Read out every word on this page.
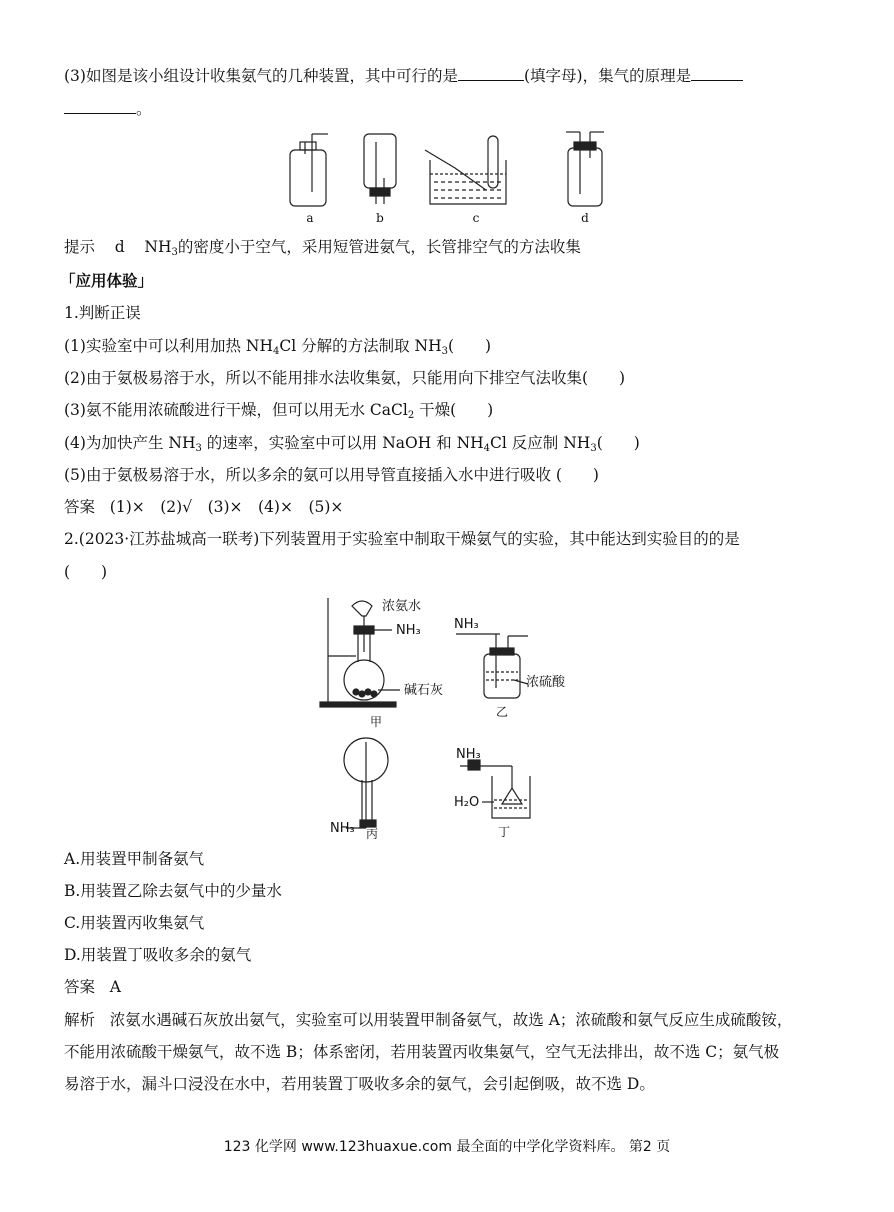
(3)如图是该小组设计收集氨气的几种装置，其中可行的是	(填字母)，集气的原理是
。
a	b	c	d
提示 d $NH_3$的密度小于空气，采用短管进氨气，长管排空气的方法收集
「应用体验」
1.判断正误
(1)实验室中可以利用加热 $NH_4Cl$ 分解的方法制取 $NH_3$(　　)
(2)由于氨极易溶于水，所以不能用排水法收集氨，只能用向下排空气法收集(　　)
(3)氨不能用浓硫酸进行干燥，但可以用无水 CaCl$_2$ 干燥(　　)
(4)为加快产生 $NH_3$ 的速率，实验室中可以用 NaOH 和 $NH_4Cl$ 反应制 $NH_3$(　　)
(5)由于氨极易溶于水，所以多余的氨可以用导管直接插入水中进行吸收 (　　)
答案 (1)×　(2)√　(3)×　(4)×　(5)×
2.(2023·江苏盐城高一联考)下列装置用于实验室中制取干燥氨气的实验，其中能达到实验目的的是
(　　)
浓氨水
NH₃
碱石灰
甲
NH₃
浓硫酸
乙
NH₃ 丙
NH₃
H₂O
丁
A.用装置甲制备氨气
B.用装置乙除去氨气中的少量水
C.用装置丙收集氨气
D.用装置丁吸收多余的氨气
答案 A
解析 浓氨水遇碱石灰放出氨气，实验室可以用装置甲制备氨气，故选 A；浓硫酸和氨气反应生成硫酸铵，
不能用浓硫酸干燥氨气，故不选 B；体系密闭，若用装置丙收集氨气，空气无法排出，故不选 C；氨气极
易溶于水，漏斗口浸没在水中，若用装置丁吸收多余的氨气，会引起倒吸，故不选 D。
123 化学网 www.123huaxue.com 最全面的中学化学资料库。 第2 页
